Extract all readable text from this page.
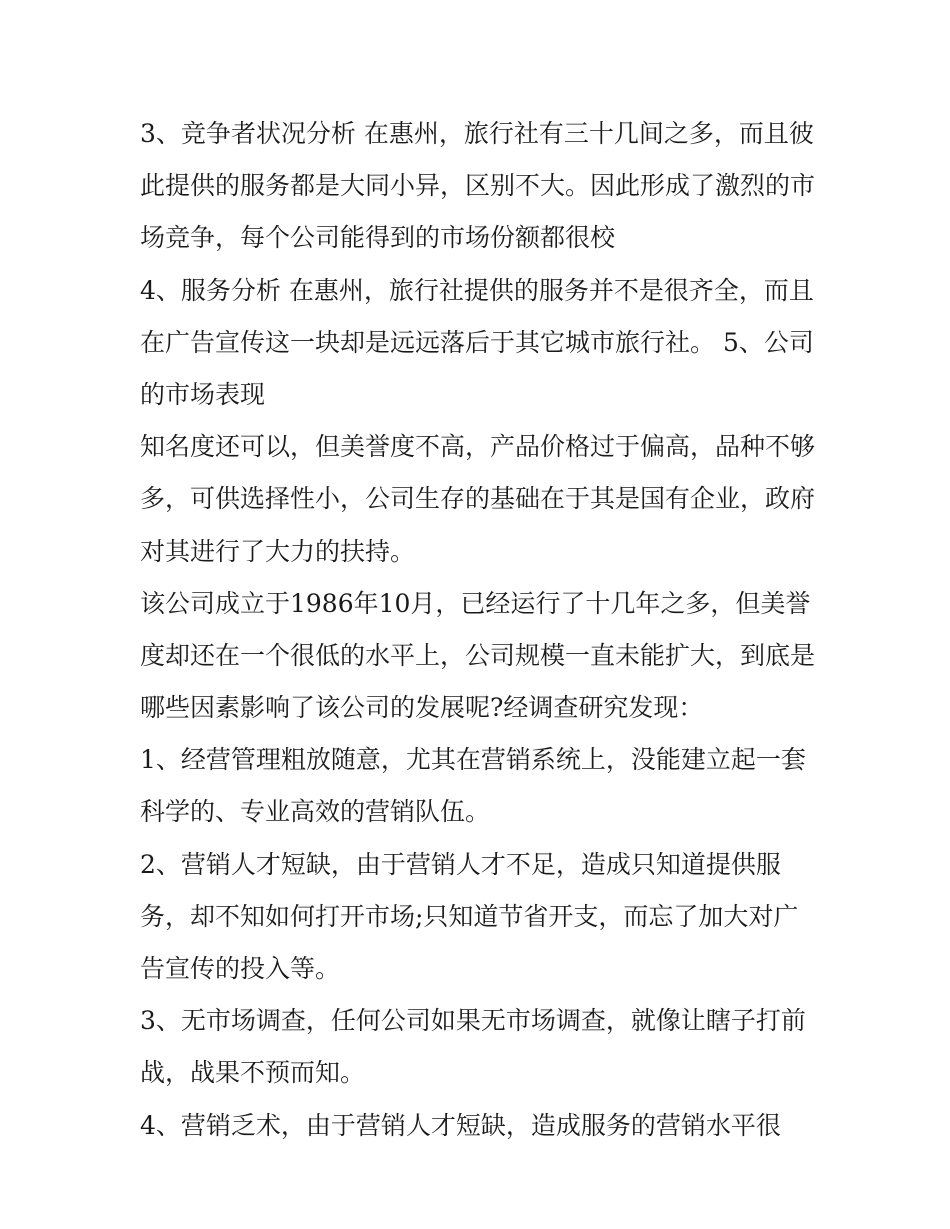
3、竞争者状况分析 在惠州，旅行社有三十几间之多，而且彼
此提供的服务都是大同小异，区别不大。因此形成了激烈的市
场竞争，每个公司能得到的市场份额都很校
4、服务分析 在惠州，旅行社提供的服务并不是很齐全，而且
在广告宣传这一块却是远远落后于其它城市旅行社。 5、公司
的市场表现
知名度还可以，但美誉度不高，产品价格过于偏高，品种不够
多，可供选择性小，公司生存的基础在于其是国有企业，政府
对其进行了大力的扶持。
该公司成立于1986年10月，已经运行了十几年之多，但美誉
度却还在一个很低的水平上，公司规模一直未能扩大，到底是
哪些因素影响了该公司的发展呢?经调查研究发现：
1、经营管理粗放随意，尤其在营销系统上，没能建立起一套
科学的、专业高效的营销队伍。
2、营销人才短缺，由于营销人才不足，造成只知道提供服
务，却不知如何打开市场;只知道节省开支，而忘了加大对广
告宣传的投入等。
3、无市场调查，任何公司如果无市场调查，就像让瞎子打前
战，战果不预而知。
4、营销乏术，由于营销人才短缺，造成服务的营销水平很
